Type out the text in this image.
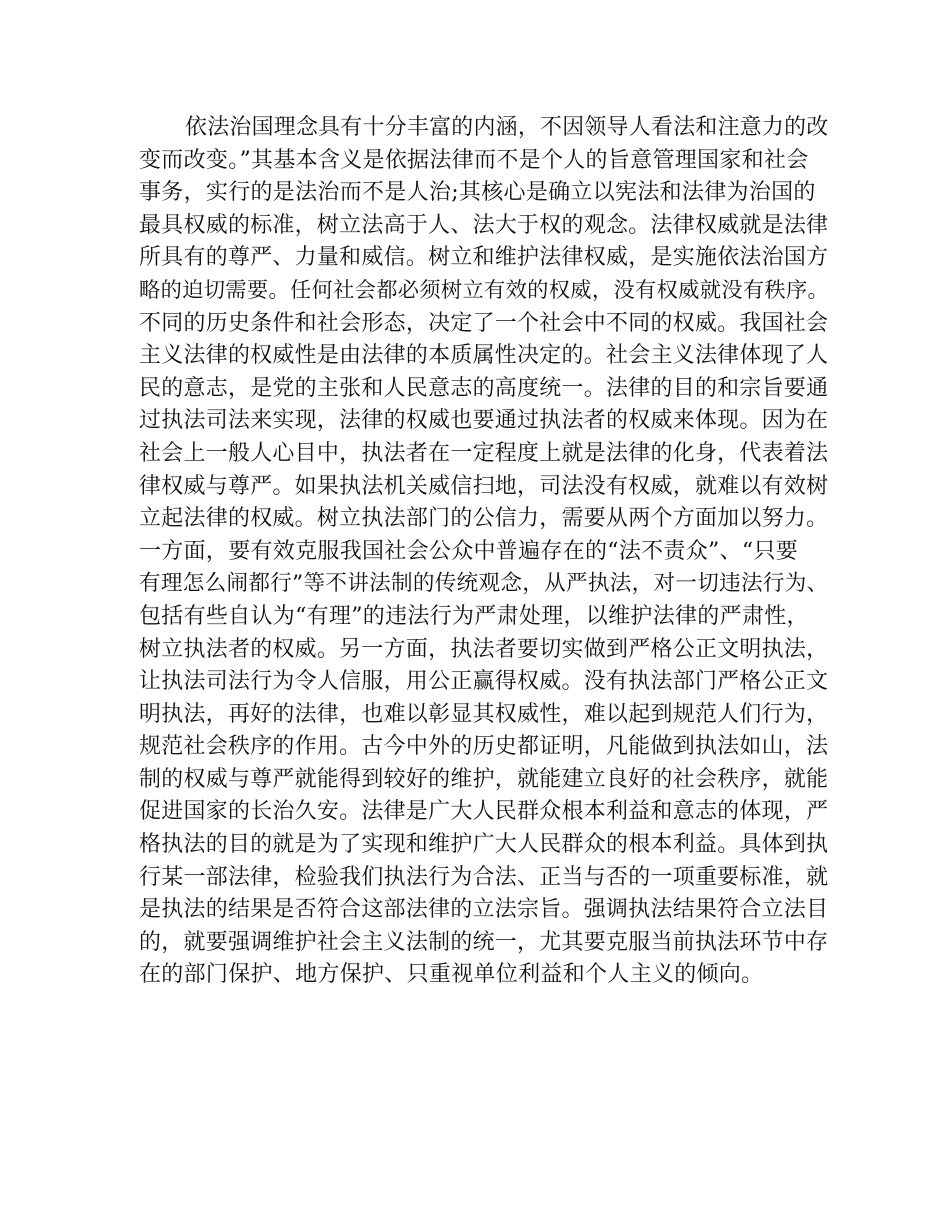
依法治国理念具有十分丰富的内涵，不因领导人看法和注意力的改
变而改变。”其基本含义是依据法律而不是个人的旨意管理国家和社会
事务，实行的是法治而不是人治;其核心是确立以宪法和法律为治国的
最具权威的标准，树立法高于人、法大于权的观念。法律权威就是法律
所具有的尊严、力量和威信。树立和维护法律权威，是实施依法治国方
略的迫切需要。任何社会都必须树立有效的权威，没有权威就没有秩序。
不同的历史条件和社会形态，决定了一个社会中不同的权威。我国社会
主义法律的权威性是由法律的本质属性决定的。社会主义法律体现了人
民的意志，是党的主张和人民意志的高度统一。法律的目的和宗旨要通
过执法司法来实现，法律的权威也要通过执法者的权威来体现。因为在
社会上一般人心目中，执法者在一定程度上就是法律的化身，代表着法
律权威与尊严。如果执法机关威信扫地，司法没有权威，就难以有效树
立起法律的权威。树立执法部门的公信力，需要从两个方面加以努力。
一方面，要有效克服我国社会公众中普遍存在的“法不责众”、“只要
有理怎么闹都行”等不讲法制的传统观念，从严执法，对一切违法行为、
包括有些自认为“有理”的违法行为严肃处理，以维护法律的严肃性，
树立执法者的权威。另一方面，执法者要切实做到严格公正文明执法，
让执法司法行为令人信服，用公正赢得权威。没有执法部门严格公正文
明执法，再好的法律，也难以彰显其权威性，难以起到规范人们行为，
规范社会秩序的作用。古今中外的历史都证明，凡能做到执法如山，法
制的权威与尊严就能得到较好的维护，就能建立良好的社会秩序，就能
促进国家的长治久安。法律是广大人民群众根本利益和意志的体现，严
格执法的目的就是为了实现和维护广大人民群众的根本利益。具体到执
行某一部法律，检验我们执法行为合法、正当与否的一项重要标准，就
是执法的结果是否符合这部法律的立法宗旨。强调执法结果符合立法目
的，就要强调维护社会主义法制的统一，尤其要克服当前执法环节中存
在的部门保护、地方保护、只重视单位利益和个人主义的倾向。
